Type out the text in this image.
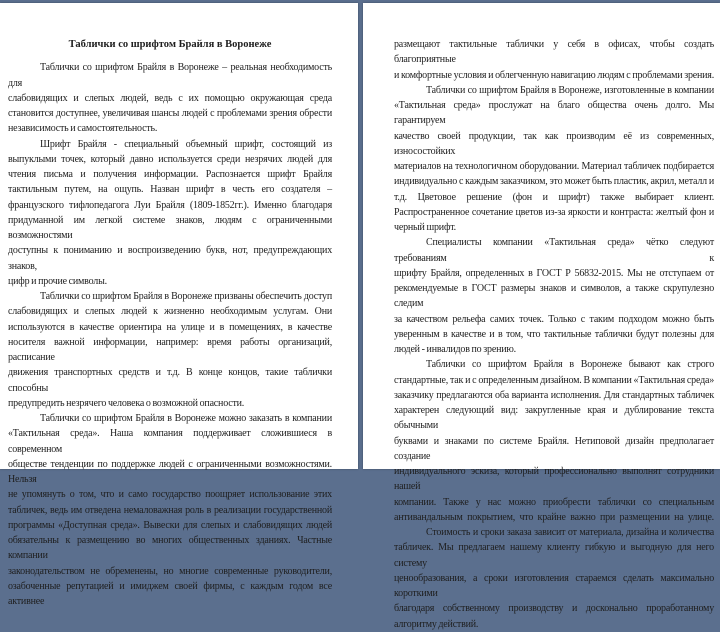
Таблички со шрифтом Брайля в Воронеже
Таблички со шрифтом Брайля в Воронеже – реальная необходимость для
слабовидящих и слепых людей, ведь с их помощью окружающая среда
становится доступнее, увеличивая шансы людей с проблемами зрения обрести
независимость и самостоятельность.
Шрифт Брайля - специальный объемный шрифт, состоящий из
выпуклыми точек, который давно используется среди незрячих людей для
чтения письма и получения информации. Распознается шрифт Брайля
тактильным путем, на ощупь. Назван шрифт в честь его создателя –
французского тифлопедагога Луи Брайля (1809-1852гг.). Именно благодаря
придуманной им легкой системе знаков, людям с ограниченными возможностями
доступны к пониманию и воспроизведению букв, нот, предупреждающих знаков,
цифр и прочие символы.
Таблички со шрифтом Брайля в Воронеже призваны обеспечить доступ
слабовидящих и слепых людей к жизненно необходимым услугам. Они
используются в качестве ориентира на улице и в помещениях, в качестве
носителя важной информации, например: время работы организаций, расписание
движения транспортных средств и т.д. В конце концов, такие таблички способны
предупредить незрячего человека о возможной опасности.
Таблички со шрифтом Брайля в Воронеже можно заказать в компании
«Тактильная среда». Наша компания поддерживает сложившиеся в современном
обществе тенденции по поддержке людей с ограниченными возможностями. Нельзя
не упомянуть о том, что и само государство поощряет использование этих
табличек, ведь им отведена немаловажная роль в реализации государственной
программы «Доступная среда». Вывески для слепых и слабовидящих людей
обязательны к размещению во многих общественных зданиях. Частные компании
законодательством не обременены, но многие современные руководители,
озабоченные репутацией и имиджем своей фирмы, с каждым годом все активнее
размещают тактильные таблички у себя в офисах, чтобы создать благоприятные
и комфортные условия и облегченную навигацию людям с проблемами зрения.
Таблички со шрифтом Брайля в Воронеже, изготовленные в компании
«Тактильная среда» прослужат на благо общества очень долго. Мы гарантируем
качество своей продукции, так как производим её из современных, износостойких
материалов на технологичном оборудовании. Материал табличек подбирается
индивидуально с каждым заказчиком, это может быть пластик, акрил, металл и
т.д. Цветовое решение (фон и шрифт) также выбирает клиент.
Распространенное сочетание цветов из-за яркости и контраста: желтый фон и
черный шрифт.
Специалисты компании «Тактильная среда» чётко следуют требованиям к
шрифту Брайля, определенных в ГОСТ Р 56832-2015. Мы не отступаем от
рекомендуемые в ГОСТ размеры знаков и символов, а также скрупулезно следим
за качеством рельефа самих точек. Только с таким подходом можно быть
уверенным в качестве и в том, что тактильные таблички будут полезны для
людей - инвалидов по зрению.
Таблички со шрифтом Брайля в Воронеже бывают как строго
стандартные, так и с определенным дизайном. В компании «Тактильная среда»
заказчику предлагаются оба варианта исполнения. Для стандартных табличек
характерен следующий вид: закругленные края и дублирование текста обычными
буквами и знаками по системе Брайля. Нетиповой дизайн предполагает создание
индивидуального эскиза, который профессионально выполнят сотрудники нашей
компании. Также у нас можно приобрести таблички со специальным
антивандальным покрытием, что крайне важно при размещении на улице.
Стоимость и сроки заказа зависит от материала, дизайна и количества
табличек. Мы предлагаем нашему клиенту гибкую и выгодную для него систему
ценообразования, а сроки изготовления стараемся сделать максимально короткими
благодаря собственному производству и досконально проработанному
алгоритму действий.
